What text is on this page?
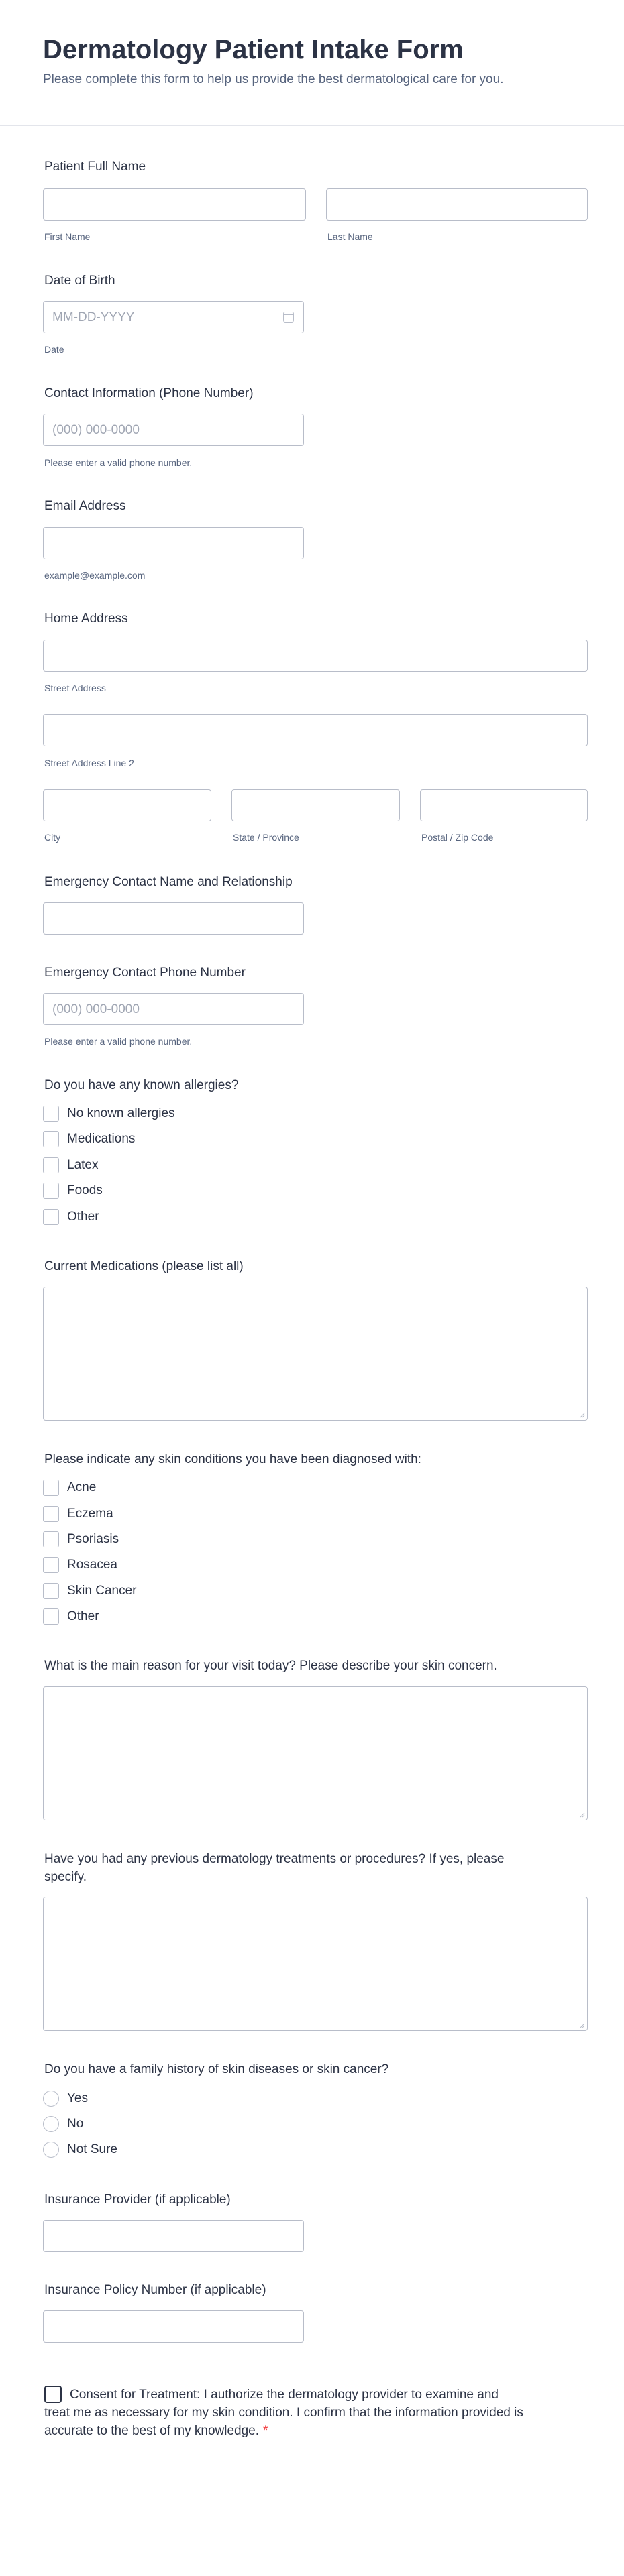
Dermatology Patient Intake Form
Please complete this form to help us provide the best dermatological care for you.
Patient Full Name
First Name	Last Name
Date of Birth
MM-DD-YYYY
Date
Contact Information (Phone Number)
(000) 000-0000
Please enter a valid phone number.
Email Address
example@example.com
Home Address
Street Address
Street Address Line 2
City	State / Province	Postal / Zip Code
Emergency Contact Name and Relationship
Emergency Contact Phone Number
(000) 000-0000
Please enter a valid phone number.
Do you have any known allergies?
No known allergies
Medications
Latex
Foods
Other
Current Medications (please list all)
Please indicate any skin conditions you have been diagnosed with:
Acne
Eczema
Psoriasis
Rosacea
Skin Cancer
Other
What is the main reason for your visit today? Please describe your skin concern.
Have you had any previous dermatology treatments or procedures? If yes, please
specify.
Do you have a family history of skin diseases or skin cancer?
Yes
No
Not Sure
Insurance Provider (if applicable)
Insurance Policy Number (if applicable)
Consent for Treatment: I authorize the dermatology provider to examine and treat me as necessary for my skin condition. I confirm that the information provided is accurate to the best of my knowledge. *
